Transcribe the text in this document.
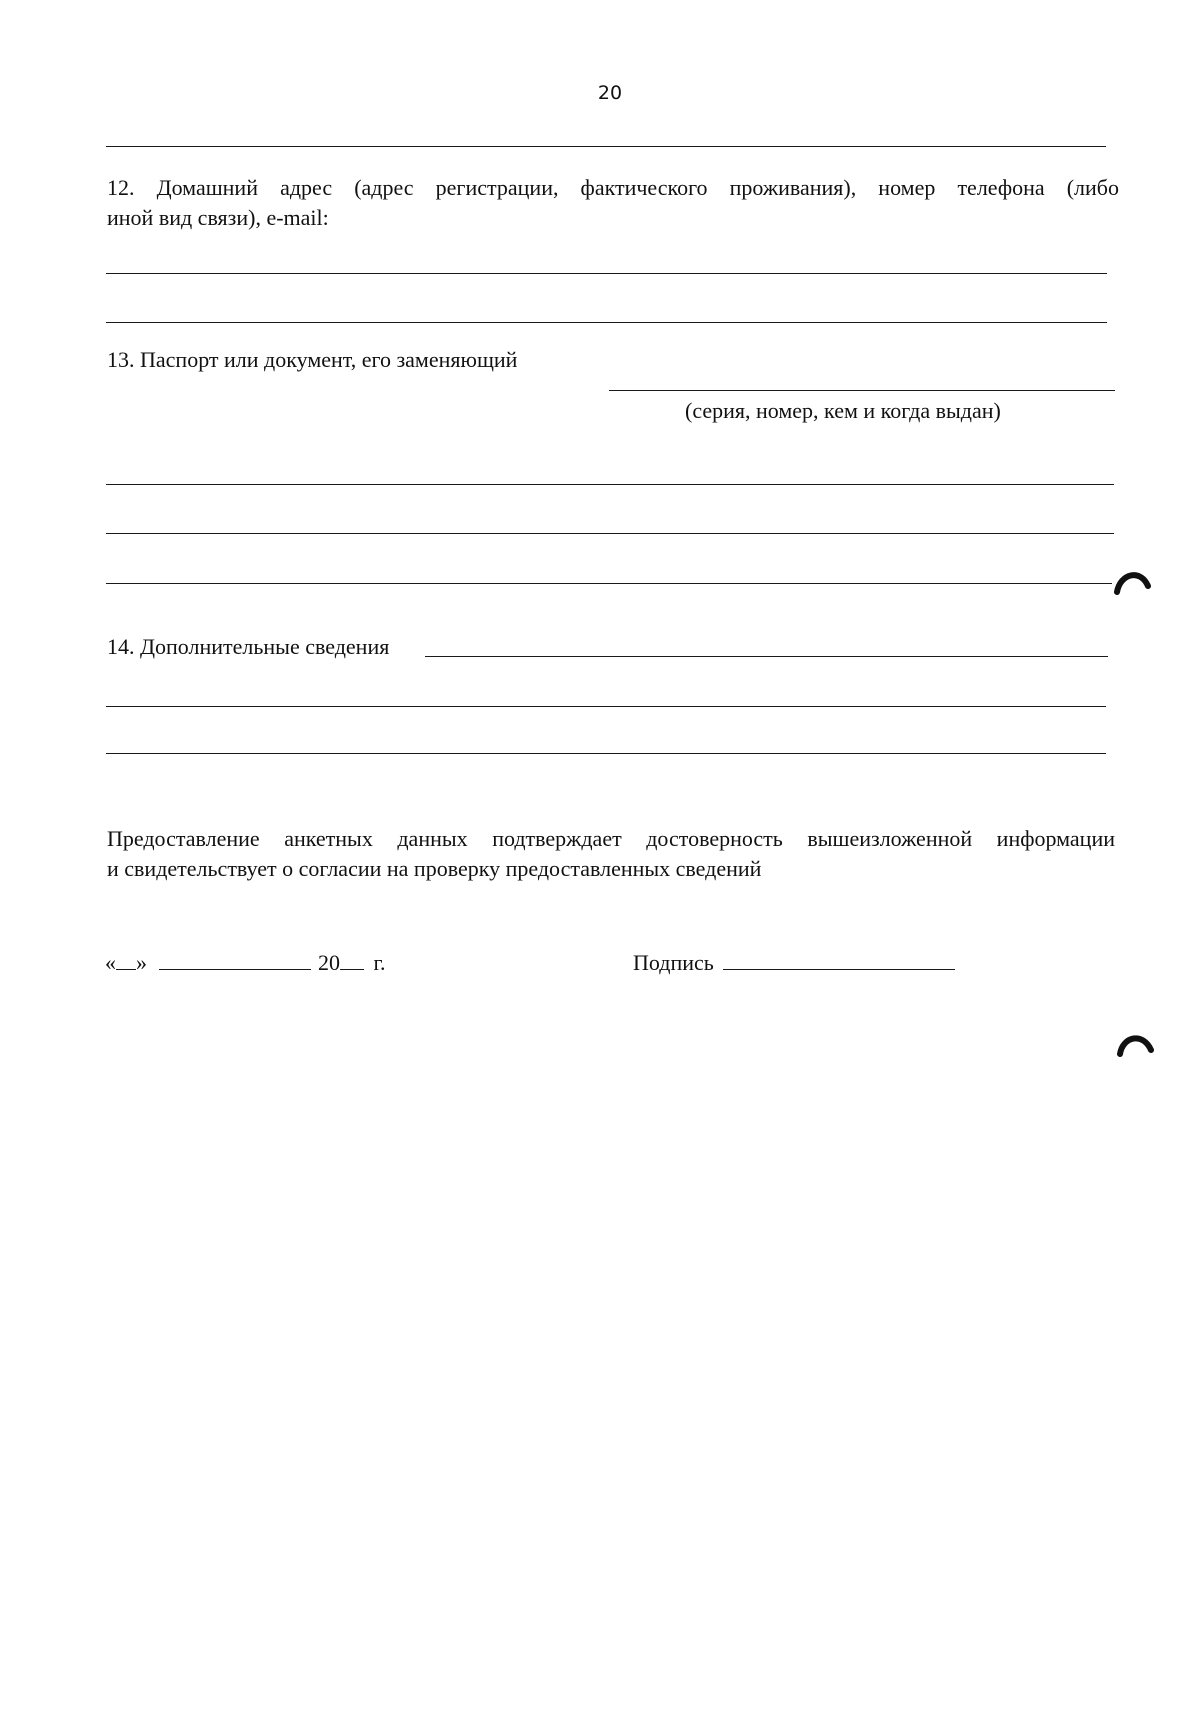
20
12. Домашний адрес (адрес регистрации, фактического проживания), номер телефона (либо
иной вид связи), e-mail:
13. Паспорт или документ, его заменяющий
(серия, номер, кем и когда выдан)
14. Дополнительные сведения
Предоставление анкетных данных подтверждает достоверность вышеизложенной информации
и свидетельствует о согласии на проверку предоставленных сведений
« »	20 г.	Подпись
